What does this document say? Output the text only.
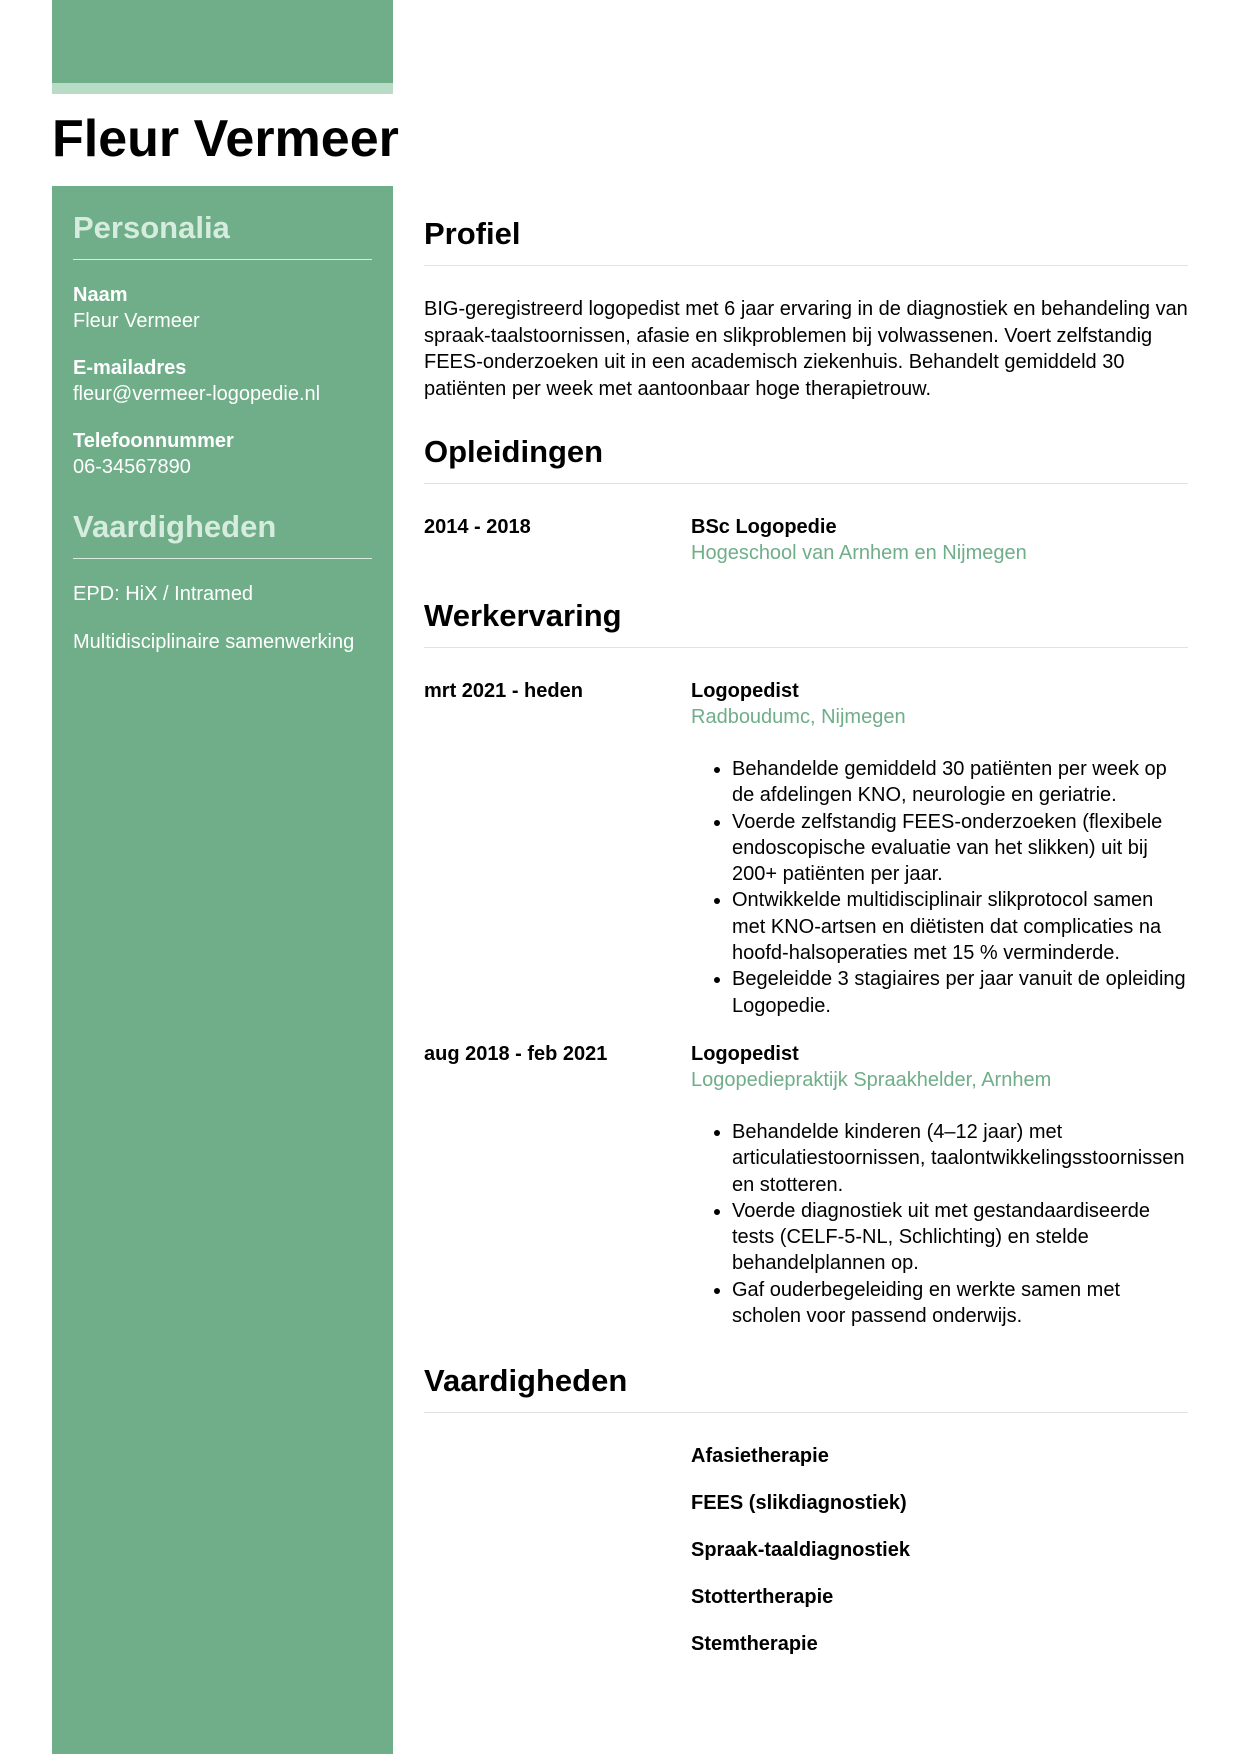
Fleur Vermeer
Personalia
Naam
Fleur Vermeer
E-mailadres
fleur@vermeer-logopedie.nl
Telefoonnummer
06-34567890
Vaardigheden
EPD: HiX / Intramed
Multidisciplinaire samenwerking
Profiel
BIG-geregistreerd logopedist met 6 jaar ervaring in de diagnostiek en behandeling van spraak-taalstoornissen, afasie en slikproblemen bij volwassenen. Voert zelfstandig FEES-onderzoeken uit in een academisch ziekenhuis. Behandelt gemiddeld 30 patiënten per week met aantoonbaar hoge therapietrouw.
Opleidingen
2014 - 2018	BSc Logopedie
Hogeschool van Arnhem en Nijmegen
Werkervaring
mrt 2021 - heden	Logopedist
Radboudumc, Nijmegen
• Behandelde gemiddeld 30 patiënten per week op de afdelingen KNO, neurologie en geriatrie.
• Voerde zelfstandig FEES-onderzoeken (flexibele endoscopische evaluatie van het slikken) uit bij 200+ patiënten per jaar.
• Ontwikkelde multidisciplinair slikprotocol samen met KNO-artsen en diëtisten dat complicaties na hoofd-halsoperaties met 15 % verminderde.
• Begeleidde 3 stagiaires per jaar vanuit de opleiding Logopedie.
aug 2018 - feb 2021	Logopedist
Logopediepraktijk Spraakhelder, Arnhem
• Behandelde kinderen (4–12 jaar) met articulatiestoornissen, taalontwikkelingsstoornissen en stotteren.
• Voerde diagnostiek uit met gestandaardiseerde tests (CELF-5-NL, Schlichting) en stelde behandelplannen op.
• Gaf ouderbegeleiding en werkte samen met scholen voor passend onderwijs.
Vaardigheden
Afasietherapie
FEES (slikdiagnostiek)
Spraak-taaldiagnostiek
Stottertherapie
Stemtherapie
